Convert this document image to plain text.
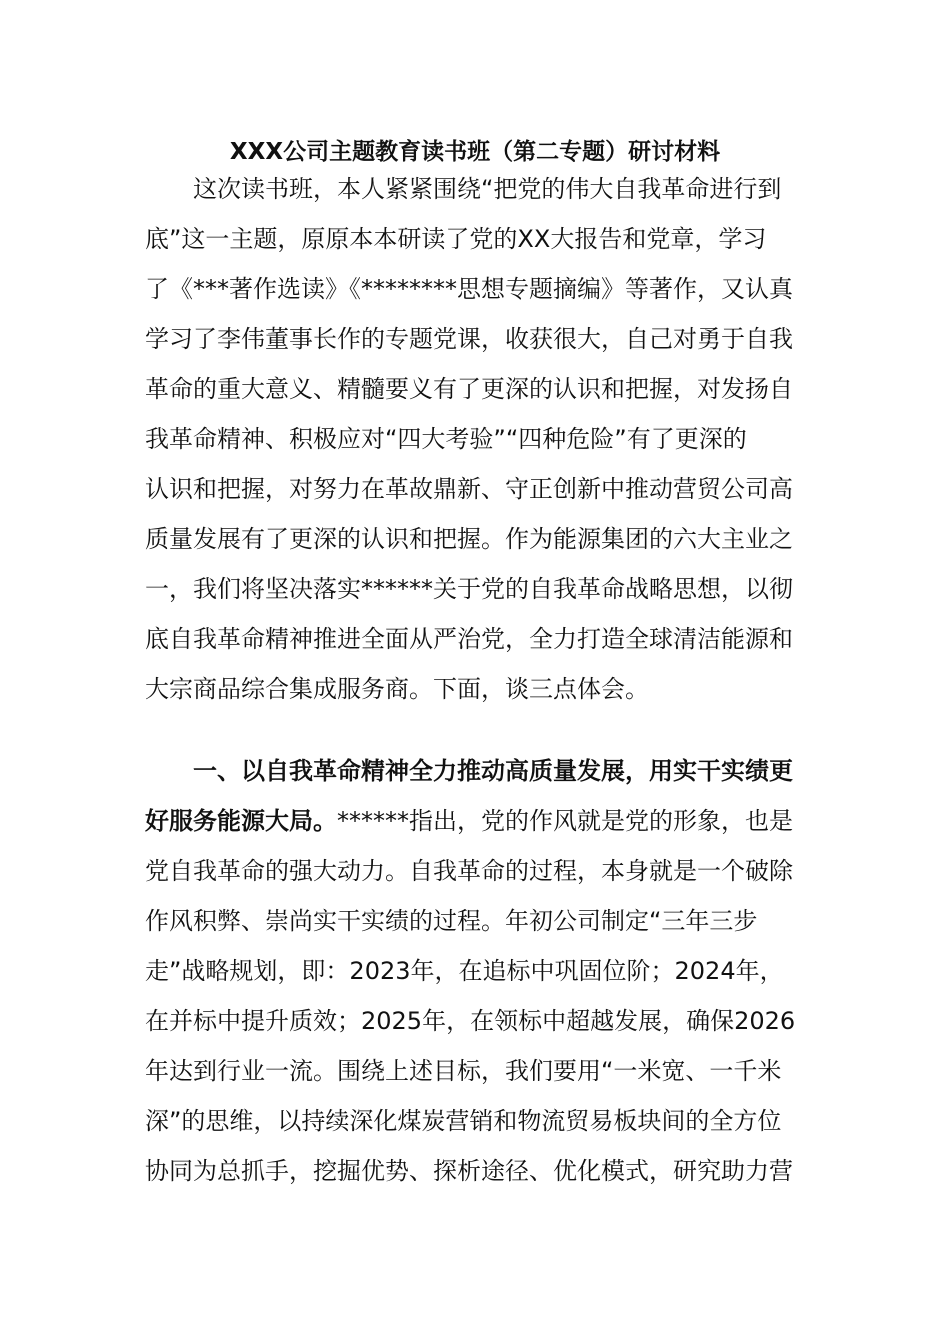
XXX公司主题教育读书班（第二专题）研讨材料
这次读书班，本人紧紧围绕“把党的伟大自我革命进行到
底”这一主题，原原本本研读了党的XX大报告和党章，学习
了《***著作选读》《********思想专题摘编》等著作，又认真
学习了李伟董事长作的专题党课，收获很大，自己对勇于自我
革命的重大意义、精髓要义有了更深的认识和把握，对发扬自
我革命精神、积极应对“四大考验”“四种危险”有了更深的
认识和把握，对努力在革故鼎新、守正创新中推动营贸公司高
质量发展有了更深的认识和把握。作为能源集团的六大主业之
一，我们将坚决落实******关于党的自我革命战略思想，以彻
底自我革命精神推进全面从严治党，全力打造全球清洁能源和
大宗商品综合集成服务商。下面，谈三点体会。
一、以自我革命精神全力推动高质量发展，用实干实绩更
好服务能源大局。******指出，党的作风就是党的形象，也是
党自我革命的强大动力。自我革命的过程，本身就是一个破除
作风积弊、崇尚实干实绩的过程。年初公司制定“三年三步
走”战略规划，即：2023年，在追标中巩固位阶；2024年，
在并标中提升质效；2025年，在领标中超越发展，确保2026
年达到行业一流。围绕上述目标，我们要用“一米宽、一千米
深”的思维，以持续深化煤炭营销和物流贸易板块间的全方位
协同为总抓手，挖掘优势、探析途径、优化模式，研究助力营
